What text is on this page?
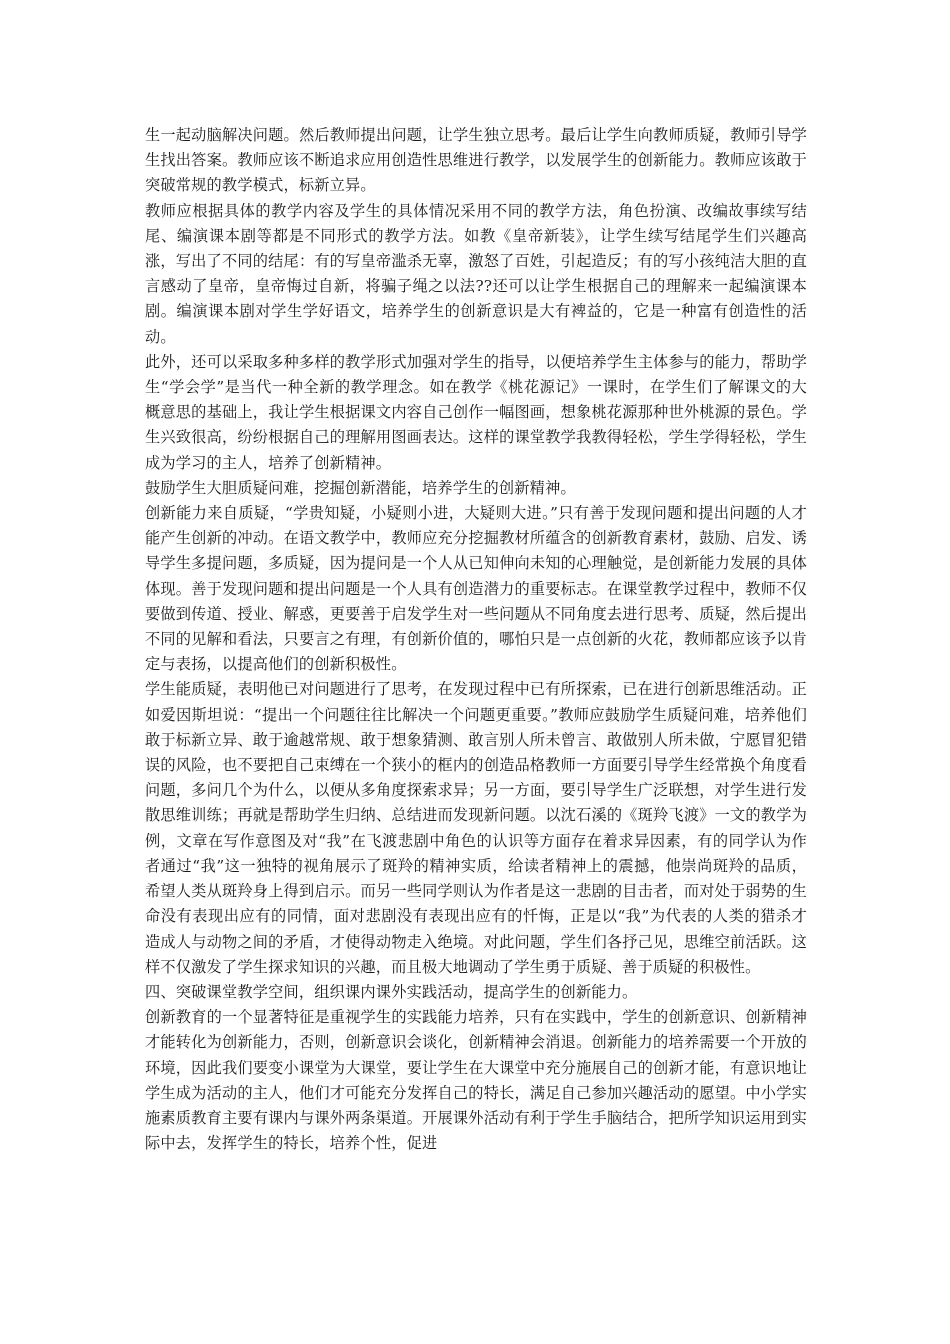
生一起动脑解决问题。然后教师提出问题，让学生独立思考。最后让学生向教师质疑，教师引导学生找出答案。教师应该不断追求应用创造性思维进行教学，以发展学生的创新能力。教师应该敢于突破常规的教学模式，标新立异。

教师应根据具体的教学内容及学生的具体情况采用不同的教学方法，角色扮演、改编故事续写结尾、编演课本剧等都是不同形式的教学方法。如教《皇帝新装》，让学生续写结尾学生们兴趣高涨，写出了不同的结尾：有的写皇帝滥杀无辜，激怒了百姓，引起造反；有的写小孩纯洁大胆的直言感动了皇帝，皇帝悔过自新，将骗子绳之以法??还可以让学生根据自己的理解来一起编演课本剧。编演课本剧对学生学好语文，培养学生的创新意识是大有裨益的，它是一种富有创造性的活动。

此外，还可以采取多种多样的教学形式加强对学生的指导，以便培养学生主体参与的能力，帮助学生“学会学”是当代一种全新的教学理念。如在教学《桃花源记》一课时，在学生们了解课文的大概意思的基础上，我让学生根据课文内容自己创作一幅图画，想象桃花源那种世外桃源的景色。学生兴致很高，纷纷根据自己的理解用图画表达。这样的课堂教学我教得轻松，学生学得轻松，学生成为学习的主人，培养了创新精神。

鼓励学生大胆质疑问难，挖掘创新潜能，培养学生的创新精神。

创新能力来自质疑，“学贵知疑，小疑则小进，大疑则大进。”只有善于发现问题和提出问题的人才能产生创新的冲动。在语文教学中，教师应充分挖掘教材所蕴含的创新教育素材，鼓励、启发、诱导学生多提问题，多质疑，因为提问是一个人从已知伸向未知的心理触觉，是创新能力发展的具体体现。善于发现问题和提出问题是一个人具有创造潜力的重要标志。在课堂教学过程中，教师不仅要做到传道、授业、解惑，更要善于启发学生对一些问题从不同角度去进行思考、质疑，然后提出不同的见解和看法，只要言之有理，有创新价值的，哪怕只是一点创新的火花，教师都应该予以肯定与表扬，以提高他们的创新积极性。

学生能质疑，表明他已对问题进行了思考，在发现过程中已有所探索，已在进行创新思维活动。正如爱因斯坦说：“提出一个问题往往比解决一个问题更重要。”教师应鼓励学生质疑问难，培养他们敢于标新立异、敢于逾越常规、敢于想象猜测、敢言别人所未曾言、敢做别人所未做，宁愿冒犯错误的风险，也不要把自己束缚在一个狭小的框内的创造品格教师一方面要引导学生经常换个角度看问题，多问几个为什么，以便从多角度探索求异；另一方面，要引导学生广泛联想，对学生进行发散思维训练；再就是帮助学生归纳、总结进而发现新问题。以沈石溪的《斑羚飞渡》一文的教学为例，文章在写作意图及对“我”在飞渡悲剧中角色的认识等方面存在着求异因素，有的同学认为作者通过“我”这一独特的视角展示了斑羚的精神实质，给读者精神上的震撼，他崇尚斑羚的品质，希望人类从斑羚身上得到启示。而另一些同学则认为作者是这一悲剧的目击者，而对处于弱势的生命没有表现出应有的同情，面对悲剧没有表现出应有的忏悔，正是以“我”为代表的人类的猎杀才造成人与动物之间的矛盾，才使得动物走入绝境。对此问题，学生们各抒己见，思维空前活跃。这样不仅激发了学生探求知识的兴趣，而且极大地调动了学生勇于质疑、善于质疑的积极性。

四、突破课堂教学空间，组织课内课外实践活动，提高学生的创新能力。

创新教育的一个显著特征是重视学生的实践能力培养，只有在实践中，学生的创新意识、创新精神才能转化为创新能力，否则，创新意识会谈化，创新精神会消退。创新能力的培养需要一个开放的环境，因此我们要变小课堂为大课堂，要让学生在大课堂中充分施展自己的创新才能，有意识地让学生成为活动的主人，他们才可能充分发挥自己的特长，满足自己参加兴趣活动的愿望。中小学实施素质教育主要有课内与课外两条渠道。开展课外活动有利于学生手脑结合，把所学知识运用到实际中去，发挥学生的特长，培养个性，促进
